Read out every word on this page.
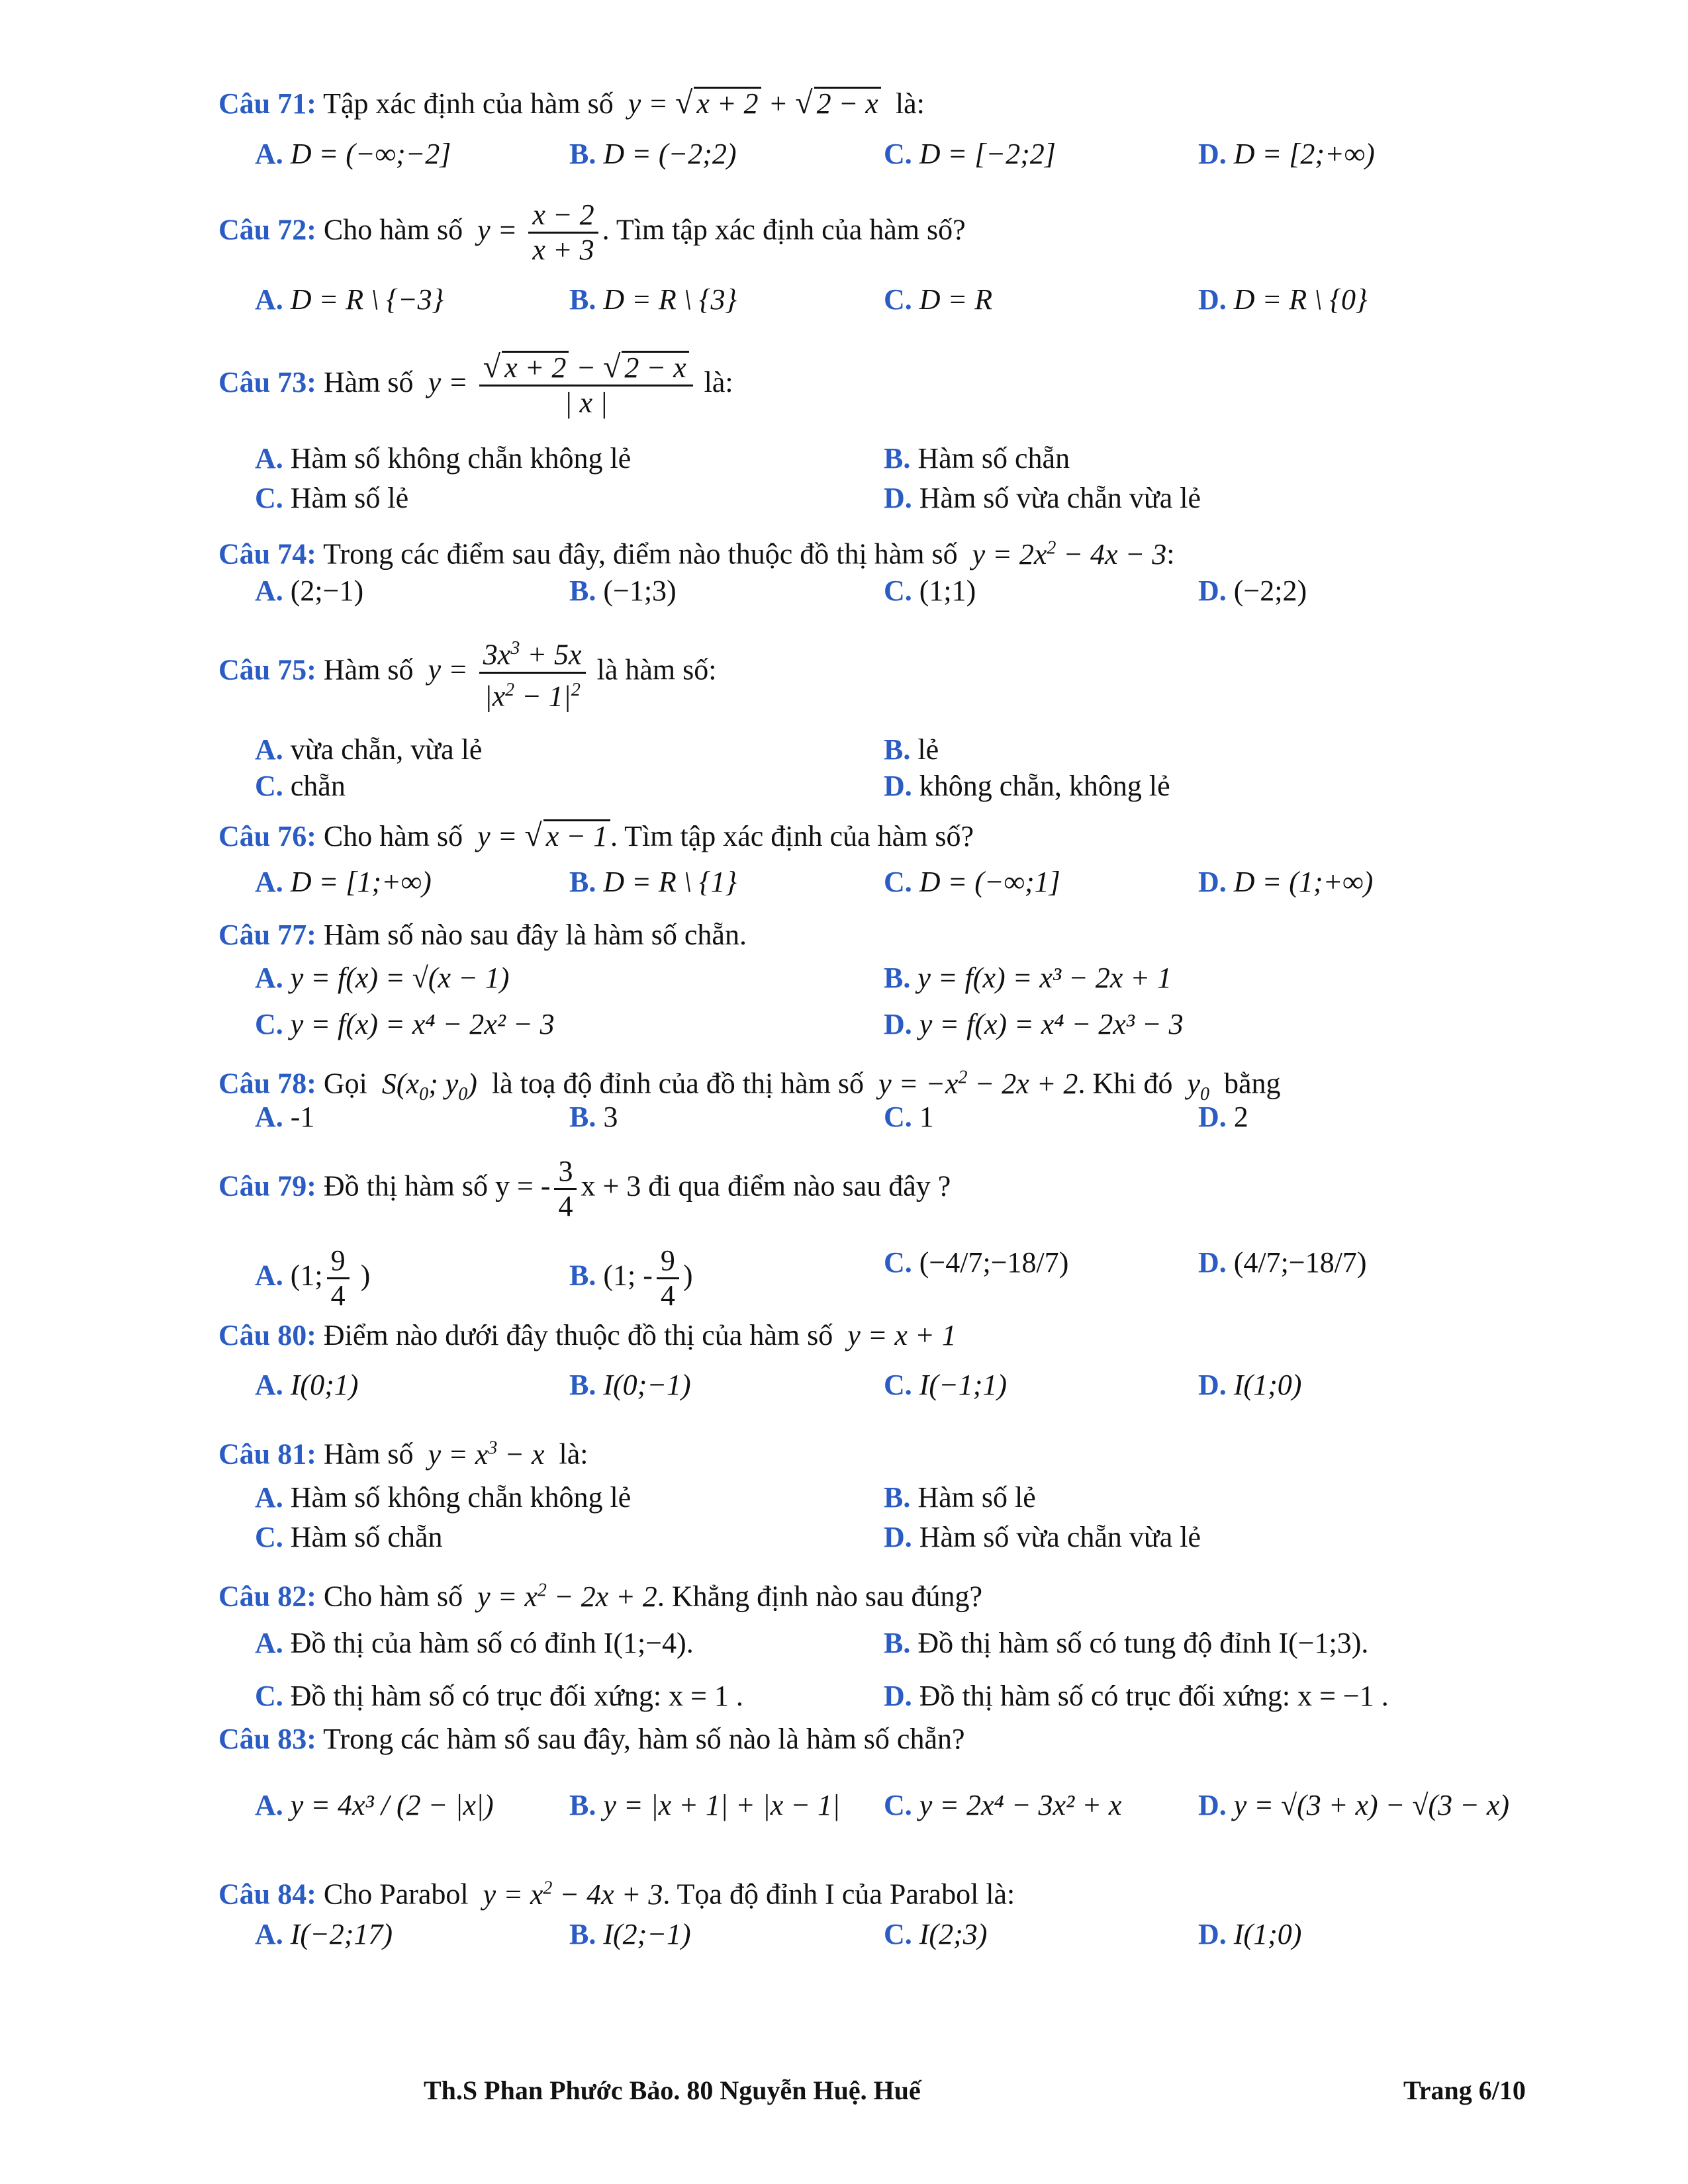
Câu 71: Tập xác định của hàm số  y = √ x + 2 + √ 2 − x là:
A. D = (−∞;−2]	B. D = (−2;2)	C. D = [−2;2]	D. D = [2;+∞)
Câu 72: Cho hàm số  $y = \frac{x - 2}{x + 3}$ . Tìm tập xác định của hàm số?
A. D = R \ {−3}	B. D = R \ {3}	C. D = R	D. D = R \ {0}
Câu 73: Hàm số  $y = \frac{√ x + 2 - √ 2 - x}{| x |}$ là:
A. Hàm số không chẵn không lẻ	B. Hàm số chẵn
C. Hàm số lẻ	D. Hàm số vừa chẵn vừa lẻ
Câu 74: Trong các điểm sau đây, điểm nào thuộc đồ thị hàm số  $y = 2x^2 - 4x - 3$:
A. (2;−1)	B. (−1;3)	C. (1;1)	D. (−2;2)
Câu 75: Hàm số  $y = \frac{3x^3 + 5x}{|x^2 - 1|^2}$ là hàm số:
A. vừa chẵn, vừa lẻ	B. lẻ
C. chẵn	D. không chẵn, không lẻ
Câu 76: Cho hàm số  y = √ x − 1. Tìm tập xác định của hàm số?
A. D = [1;+∞)	B. D = R \ {1}	C. D = (−∞;1]	D. D = (1;+∞)
Câu 77: Hàm số nào sau đây là hàm số chẵn.
A. y = f(x) = √(x − 1)	B. y = f(x) = x³ − 2x + 1
C. y = f(x) = x⁴ − 2x² − 3	D. y = f(x) = x⁴ − 2x³ − 3
Câu 78: Gọi  $S(x_0$; $y_0$)  là toạ độ đỉnh của đồ thị hàm số  $y = -x^2 - 2x + 2$. Khi đó  $y_0$ bằng
A. -1	B. 3	C. 1	D. 2
Câu 79: Đồ thị hàm số y = - $\frac{3}{4}$ x + 3 đi qua điểm nào sau đây ?
A. (1; $\frac{9}{4}$ )	B. (1; - $\frac{9}{4}$ )	C. (−4/7;−18/7)	D. (4/7;−18/7)
Câu 80: Điểm nào dưới đây thuộc đồ thị của hàm số  y = x + 1
A. I(0;1)	B. I(0;−1)	C. I(−1;1)	D. I(1;0)
Câu 81: Hàm số  $y = x^3 - x$  là:
A. Hàm số không chẵn không lẻ	B. Hàm số lẻ
C. Hàm số chẵn	D. Hàm số vừa chẵn vừa lẻ
Câu 82: Cho hàm số  $y = x^2 - 2x + 2$. Khẳng định nào sau đúng?
A. Đồ thị của hàm số có đỉnh I(1;−4).	B. Đồ thị hàm số có tung độ đỉnh I(−1;3).
C. Đồ thị hàm số có trục đối xứng: x = 1 .	D. Đồ thị hàm số có trục đối xứng: x = −1 .
Câu 83: Trong các hàm số sau đây, hàm số nào là hàm số chẵn?
A. y = 4x³ / (2 − |x|)	B. y = |x + 1| + |x − 1| C. y = 2x⁴ − 3x² + x	D. y = √(3 + x) − √(3 − x)
Câu 84: Cho Parabol  $y = x^2 - 4x + 3$. Tọa độ đỉnh I của Parabol là:
A. I(−2;17)	B. I(2;−1)	C. I(2;3)	D. I(1;0)
Th.S Phan Phước Bảo. 80 Nguyễn Huệ. Huế	Trang 6/10
